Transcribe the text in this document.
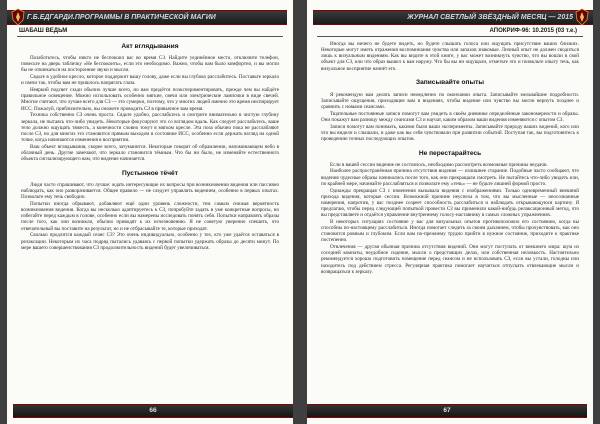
Г.Б.ЕДГАРДИ.ПРОГРАММЫ В ПРАКТИЧЕСКОЙ МАГИИ
ШАБАШ ВЕДЬМ
Акт вглядывания

Позаботьтесь, чтобы никто не беспокоил вас во время СЗ. Найдите уединённое место, отключите телефон, повесьте на дверь табличку «Не беспокоить», если это необходимо. Важно, чтобы вам было комфортно, и вы могли бы не отвлекаться на посторонние звуки и мысли.

Сядьте в удобное кресло, которое поддержит вашу голову, даже если вы глубоко расслабитесь. Поставьте зеркало и свечи так, чтобы вам не пришлось напрягать глаза.

Неяркий подсвет сзади обычно лучше всего, но вам придётся поэкспериментировать, прежде чем вы найдёте правильное освещение. Можно использовать особенно мягкие, свечи или электрические лампочки в виде свечей. Многие считают, что лучше всего для СЗ — это сумерки, поэтому, что у многих людей именно это время инспирирует ИСС. Пожалуй, приблизительно, вы сможете проводить СЗ в привычное вам время.

Техника собственно СЗ очень проста. Сядьте удобно, расслабьтесь и смотрите внимательно в чистую глубину зеркала, не пытаясь что-либо увидеть. Некоторые фокусируют это со взглядом вдаль. Как следует расслабьтесь, ваше тело должно ощущать тяжесть, а конечности словно тонут в мягком кресле. Эта поза обычно пока не расслабляют после СЗ, но для многих это становится прямым выходом в состояние ИСС, особенно если держать взгляд на одной точке, когда начинаются изменения в восприятии.

Ваш объект вглядывания, скорее всего, затуманится. Некоторые говорят об обрамлении, напоминающем небо в облачный день. Другие замечают, что зеркало становится тёмным. Что бы ни было, не изменяйте естественного объекта сигнализирующего вам, что видение начинается.

Пустынное тёчёт

Люди часто спрашивают, что лучше: ждать интересующие их вопросы при возникновении видения или пассивно наблюдать, как оно разворачивается. Общее правило — не следует управлять видением, особенно в первых опытах. Позвольте ему течь свободно.

Попытки иногда обрывают, добавляют ещё один уровень сложности, тем самым снижая вероятность возникновения видения. Когда вы несколько адаптируетесь к СЗ, попробуйте задать в уме конкретные вопросы, но избегайте перед каждым в голове, особенно если вы намерены исследовать понять себя. Попытки направлять образы после того, как они возникли, обычно приводят к их исчезновению. Я не советую уверенно спешить, что отвечательный вы поставите на результат, но и не отбрасывайте те, которые приходят.

Сколько продлится каждый сеанс СЗ? Это очень индивидуально, особенно у тех, кто уже удаётся оставаться в релаксации. Некоторым их часа подряд пытались удаваясь с первой попытки удержать образы до десяти минут. По мере вашего совершенствования СЗ продолжительность видений будет увеличиваться.

66
ЖУРНАЛ СВЕТЛЫЙ ЗВЁЗДНЫЙ МЕСЯЦ — 2015
АПОКРИФ-96: 10.2015 (03 т.е.)

Иногда вы ничего не будете видеть, но будете слышать голоса или ощущать присутствие ваших близких. Некоторые могут иметь отражения воспоминания чувства или запахов знакомые. Личный опыт не должен сводиться лишь к визуальным видениям. Как вы видите в этой книге, у вас может возникнуть чувство, что вы вошли в свой объект для СЗ, или что образ вышел к вам наружу. Что бы вы ни ощущали, отметьте это и позвольте опыту течь, как визуальное восприятие начнёт его.

Записывайте опыты

Я рекомендую вам делать записи немедленно по окончании опыта. Записывайте мельчайшие подробности. Записывайте ощущения, приходящие вам в видениях, чтобы видение или чувство вы могли вернуть позднее и сравнить с новыми сеансами.

Тщательные постоянные записи помогут вам увидеть в своём дневнике определённые закономерности и образы. Они покажут вам разницу между сеансами СЗ и научат, каким образом ваши видения изменяются с опытом СЗ.

Записи помогут вам понимать, какими были ваши эксперименты. Записывайте природу ваших видений, кого или что вы видели и слышали, и даже как вы себя чувствовали при развитии событий. Поступая так, вы подготовитесь к проведению точных последующих опытов.

Не перестарайтесь

Если в вашей сессии видение не состоялось, необходимо рассмотреть возможные причины неудачи.

Наиболее распространённая причина отсутствия видения — излишнее старание. Подобные часто сообщают, что видения чудесные образы начинались после того, как они прекращали смотреть. Не пытайтесь что-либо увидеть или, по крайней мере, начинайте расслабляться и позвольте ему «течь» — не будьте лишней формой просто.

Однажды прекращая СЗ с изменения вызывала видения с изображениями. Только одновременный внешний прихода видения, которые сессии. Возможной причине неуспеха в том, что вы мысленные — неосознанные намерения, напротив, у вас позднее созреет способность расслабиться и наблюдать открывающуюся картину. Я предлагаю, чтобы перед следующей попыткой провести СЗ вы применили какой-нибудь релаксационный метод, что вы представляете и отдаётся управление внутреннему голосу-наставнику в самых сложных упражнениях.

В некоторых ситуациях состояние у вас для визуальных опытов противоположно его состоянию, когда вы способны по-настоящему расслабиться. Иногда помогает следить за своим дыханием, чтобы прочувствовать, как оно становится ровным и глубоким. Если вам по-прежнему трудно прийти в нужное состояние, приходите к практике постепенно.

Отвлечения — другая обычная причина отсутствия видений. Они могут поступать от внешнего мира: шум из соседней комнаты, неудобное сидение, мысли о предстоящих делах, или собственная неловкость. Настоятельно рекомендуется хорошо подготовить помещение перед сеансом и не использовать СЗ, если вы устали, голодны или находитесь под действием стресса. Регулярная практика помогает научиться отпускать отвлекающие мысли и возвращаться к зеркалу.

67
